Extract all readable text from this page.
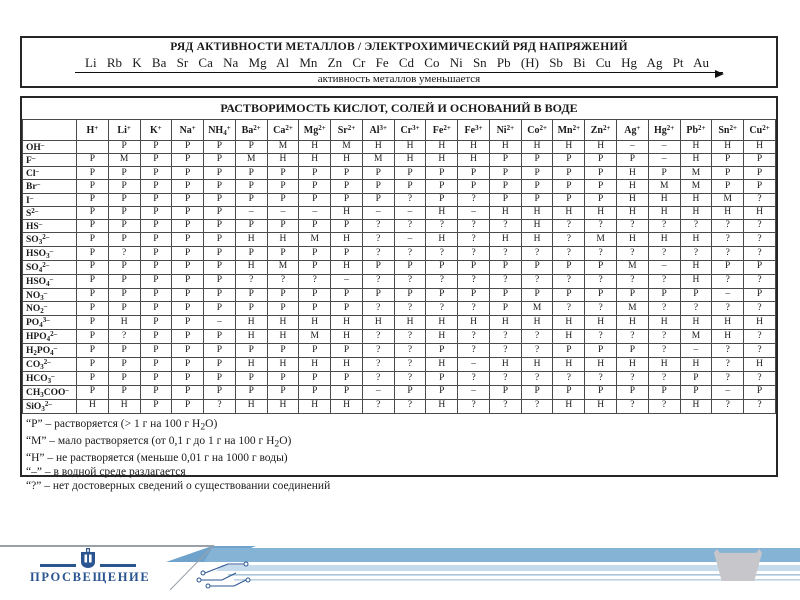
РЯД АКТИВНОСТИ МЕТАЛЛОВ / ЭЛЕКТРОХИМИЧЕСКИЙ РЯД НАПРЯЖЕНИЙ
Li Rb K Ba Sr Ca Na Mg Al Mn Zn Cr Fe Cd Co Ni Sn Pb (H) Sb Bi Cu Hg Ag Pt Au
активность металлов уменьшается
РАСТВОРИМОСТЬ КИСЛОТ, СОЛЕЙ И ОСНОВАНИЙ В ВОДЕ
	H+	Li+	K+	Na+	$NH_4^+$	$Ba^{2+}$	$Ca^{2+}$	$Mg^{2+}$	$Sr^{2+}$	$Al^{3+}$	$Cr^{3+}$	$Fe^{2+}$	$Fe^{3+}$	$Ni^{2+}$	$Co^{2+}$	$Mn^{2+}$	$Zn^{2+}$	Ag+	$Hg^{2+}$	$Pb^{2+}$	$Sn^{2+}$	$Cu^{2+}$
OH–		Р	Р	Р	Р	Р	М	Н	М	Н	Н	Н	Н	Н	Н	Н	Н	–	–	Н	Н	Н
F–	Р	М	Р	Р	Р	М	Н	Н	Н	М	Н	Н	Н	Р	Р	Р	Р	Р	–	Н	Р	Р
Cl–	Р	Р	Р	Р	Р	Р	Р	Р	Р	Р	Р	Р	Р	Р	Р	Р	Р	Н	Р	М	Р	Р
Br–	Р	Р	Р	Р	Р	Р	Р	Р	Р	Р	Р	Р	Р	Р	Р	Р	Р	Н	М	М	Р	Р
I–	Р	Р	Р	Р	Р	Р	Р	Р	Р	Р	?	Р	?	Р	Р	Р	Р	Н	Н	Н	М	?
$S^{2-}$	Р	Р	Р	Р	Р	–	–	–	Н	–	–	Н	–	Н	Н	Н	Н	Н	Н	Н	Н	Н
HS–	Р	Р	Р	Р	Р	Р	Р	Р	Р	?	?	?	?	?	Н	?	?	?	?	?	?	?
$SO_3^{2-}$	Р	Р	Р	Р	Р	Н	Н	М	Н	?	–	Н	?	Н	Н	?	М	Н	Н	Н	?	?
$HSO_3^-$	Р	?	Р	Р	Р	Р	Р	Р	Р	?	?	?	?	?	?	?	?	?	?	?	?	?
$SO_4^{2-}$	Р	Р	Р	Р	Р	Н	М	Р	Н	Р	Р	Р	Р	Р	Р	Р	Р	М	–	Н	Р	Р
$HSO_4^-$	Р	Р	Р	Р	Р	?	?	?	–	?	?	?	?	?	?	?	?	?	?	Н	?	?
$NO_3^-$	Р	Р	Р	Р	Р	Р	Р	Р	Р	Р	Р	Р	Р	Р	Р	Р	Р	Р	Р	Р	–	Р
$NO_2^-$	Р	Р	Р	Р	Р	Р	Р	Р	Р	?	?	?	?	Р	М	?	?	М	?	?	?	?
$PO_4^{3-}$	Р	Н	Р	Р	–	Н	Н	Н	Н	Н	Н	Н	Н	Н	Н	Н	Н	Н	Н	Н	Н	Н
$HPO_4^{2-}$	Р	?	Р	Р	Р	Н	Н	М	Н	?	?	Н	?	?	?	Н	?	?	?	М	Н	?
$H_2PO_4^-$	Р	Р	Р	Р	Р	Р	Р	Р	Р	?	?	Р	?	?	?	Р	Р	Р	?	–	?	?
$CO_3^{2-}$	Р	Р	Р	Р	Р	Н	Н	Н	Н	?	?	Н	–	Н	Н	Н	Н	Н	Н	Н	?	Н
$HCO_3^-$	Р	Р	Р	Р	Р	Р	Р	Р	Р	?	?	Р	?	?	?	?	?	?	?	Р	?	?
$CH_3COO^-$	Р	Р	Р	Р	Р	Р	Р	Р	Р	–	Р	Р	–	Р	Р	Р	Р	Р	Р	Р	–	Р
SiO$_3^{2-}$	Н	Н	Р	Р	?	Н	Н	Н	Н	?	?	Н	?	?	?	Н	Н	?	?	Н	?	?
“Р” – растворяется (> 1 г на 100 г $H_2O$)
“М” – мало растворяется (от 0,1 г до 1 г на 100 г $H_2O$)
“Н” – не растворяется (меньше 0,01 г на 1000 г воды)
“–” – в водной среде разлагается
“?” – нет достоверных сведений о существовании соединений
ПРОСВЕЩЕНИЕ
